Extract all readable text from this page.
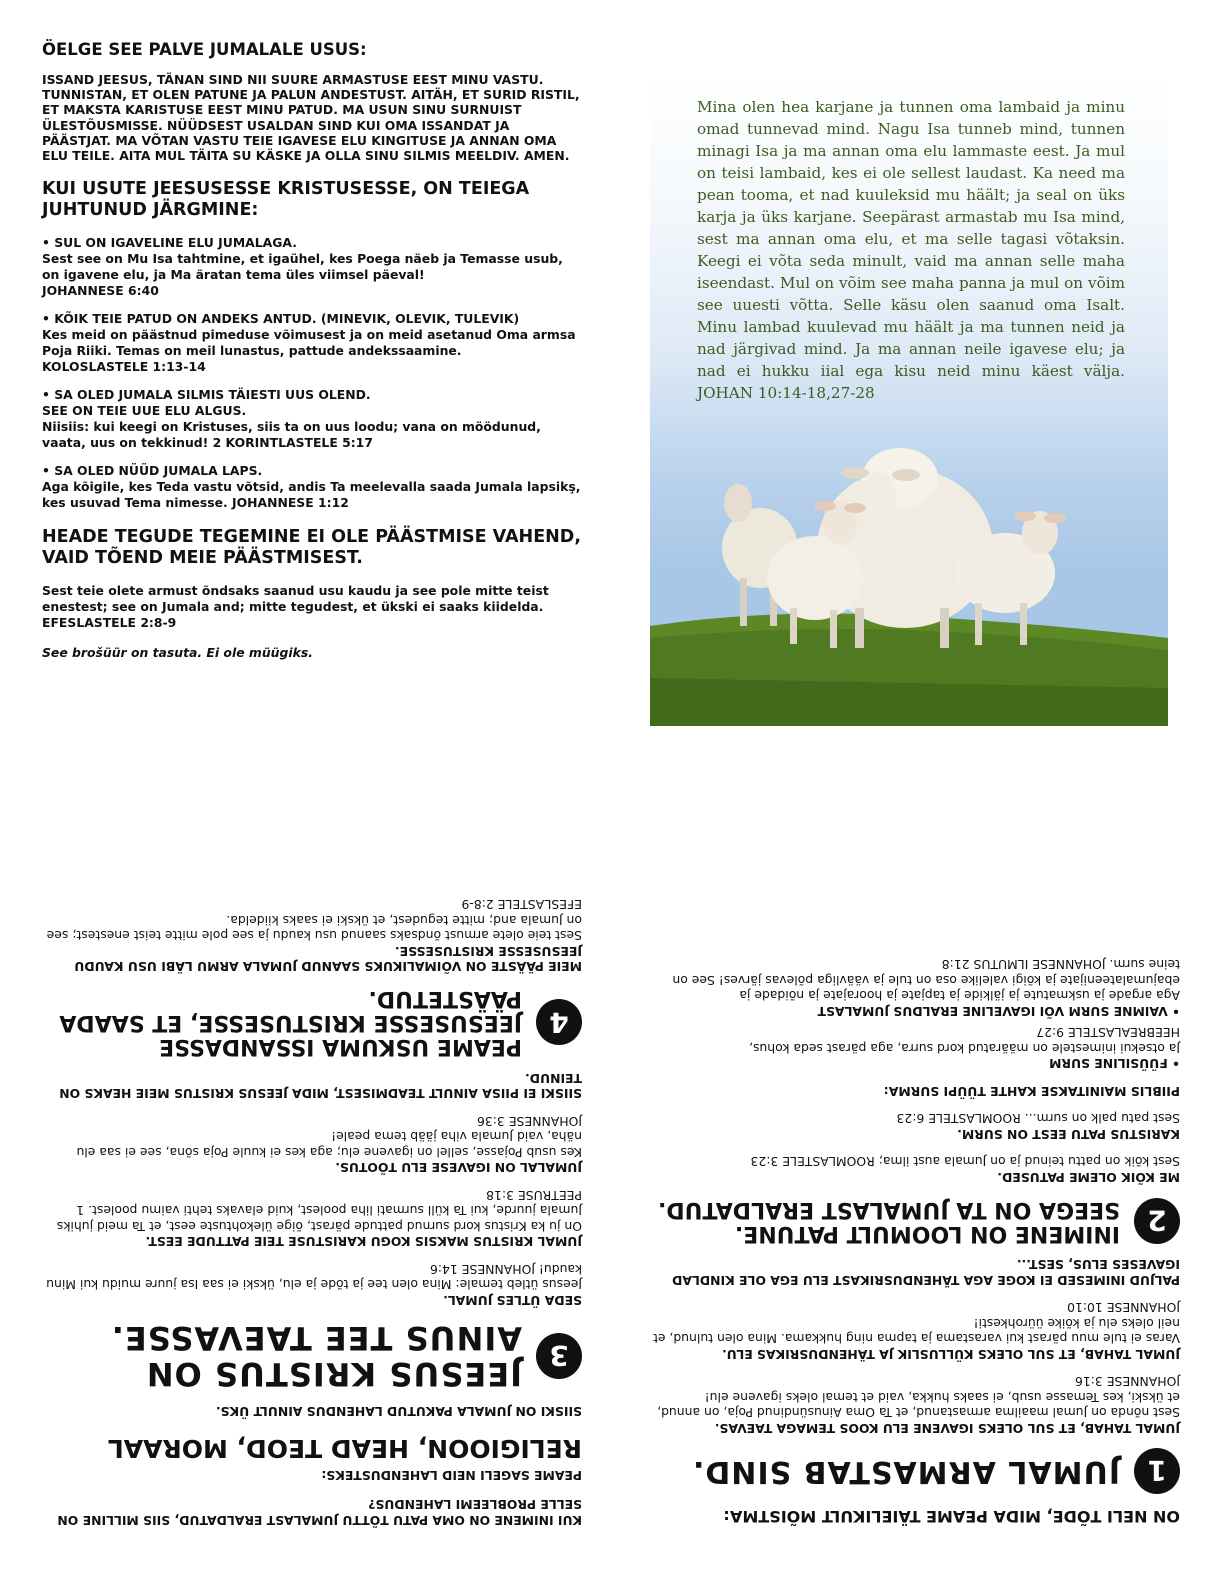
ÖELGE SEE PALVE JUMALALE USUS:
ISSAND JEESUS, TÄNAN SIND NII SUURE ARMASTUSE EEST MINU VASTU. TUNNISTAN, ET OLEN PATUNE JA PALUN ANDESTUST. AITÄH, ET SURID RISTIL, ET MAKSTA KARISTUSE EEST MINU PATUD. MA USUN SINU SURNUIST ÜLESTÕUSMISSE. NÜÜDSEST USALDAN SIND KUI OMA ISSANDAT JA PÄÄSTJAT. MA VÕTAN VASTU TEIE IGAVESE ELU KINGITUSE JA ANNAN OMA ELU TEILE. AITA MUL TÄITA SU KÄSKE JA OLLA SINU SILMIS MEELDIV. AMEN.
KUI USUTE JEESUSESSE KRISTUSESSE, ON TEIEGA JUHTUNUD JÄRGMINE:
• SUL ON IGAVELINE ELU JUMALAGA.
Sest see on Mu Isa tahtmine, et igaühel, kes Poega näeb ja Temasse usub, on igavene elu, ja Ma äratan tema üles viimsel päeval!
JOHANNESE 6:40
• KÕIK TEIE PATUD ON ANDEKS ANTUD. (MINEVIK, OLEVIK, TULEVIK)
Kes meid on päästnud pimeduse võimusest ja on meid asetanud Oma armsa Poja Riiki. Temas on meil lunastus, pattude andekssaamine.
KOLOSLASTELE 1:13-14
• SA OLED JUMALA SILMIS TÄIESTI UUS OLEND.
SEE ON TEIE UUE ELU ALGUS.
Niisiis: kui keegi on Kristuses, siis ta on uus loodu; vana on möödunud, vaata, uus on tekkinud! 2 KORINTLASTELE 5:17
• SA OLED NÜÜD JUMALA LAPS.
Aga kõigile, kes Teda vastu võtsid, andis Ta meelevalla saada Jumala lapsikş, kes usuvad Tema nimesse. JOHANNESE 1:12
HEADE TEGUDE TEGEMINE EI OLE PÄÄSTMISE VAHEND, VAID TÕEND MEIE PÄÄSTMISEST.
Sest teie olete armust õndsaks saanud usu kaudu ja see pole mitte teist enestest; see on Jumala and; mitte tegudest, et ükski ei saaks kiidelda.
EFESLASTELE 2:8-9
See brošüür on tasuta. Ei ole müügiks.
Mina olen hea karjane ja tunnen oma lambaid ja minu omad tunnevad mind. Nagu Isa tunneb mind, tunnen minagi Isa ja ma annan oma elu lammaste eest. Ja mul on teisi lambaid, kes ei ole sellest laudast. Ka need ma pean tooma, et nad kuuleksid mu häält; ja seal on üks karja ja üks karjane. Seepärast armastab mu Isa mind, sest ma annan oma elu, et ma selle tagasi võtaksin. Keegi ei võta seda minult, vaid ma annan selle maha iseendast. Mul on võim see maha panna ja mul on võim see uuesti võtta. Selle käsu olen saanud oma Isalt. Minu lambad kuulevad mu häält ja ma tunnen neid ja nad järgivad mind. Ja ma annan neile igavese elu; ja nad ei hukku iial ega kisu neid minu käest välja. JOHAN 10:14-18,27-28
ON NELI TÕDE, MIDA PEAME TÄIELIKULT MÕISTMA:
1
JUMAL ARMASTAB SIND.
JUMAL TAHAB, ET SUL OLEKS IGAVENE ELU KOOS TEMAGA TAEVAS.
Sest nõnda on Jumal maailma armastanud, et Ta Oma Ainusündinud Poja, on annud, et ükski, kes Temasse usub, ei saaks hukka, vaid et temal oleks igavene elu! JOHANNESE 3:16
JUMAL TAHAB, ET SUL OLEKS KÜLLUSLIK JA TÄHENDUSRIKAS ELU.
Varas ei tule muu pärast kui varastama ja tapma ning hukkama. Mina olen tulnud, et neil oleks elu ja kõike üürohkesti!
JOHANNESE 10:10
PALJUD INIMESED EI KOGE AGA TÄHENDUSRIKAST ELU EGA OLE KINDLAD IGAVESES ELUS, SEST...
2
INIMENE ON LOOMULT PATUNE.
SEEGA ON TA JUMALAST ERALDATUD.
ME KÕIK OLEME PATUSED.
Sest kõik on pattu teinud ja on Jumala aust ilma; ROOMLASTELE 3:23
KARISTUS PATU EEST ON SURM.
Sest patu palk on surm... ROOMLASTELE 6:23
PIIBLIS MAINITAKSE KAHTE TÜÜPI SURMA:
• FÜÜSILINE SURM
Ja otsekui inimestele on määratud kord surra, aga pärast seda kohus, HEEBREALASTELE 9:27
• VAIMNE SURM VÕI IGAVELINE ERALDUS JUMALAST
Aga argade ja uskmatute ja jälkide ja tapjate ja hoorajate ja nõidade ja ebajumalateenijate ja kõigi valelike osa on tule ja väävliga põlevas järves! See on teine surm. JOHANNESE ILMUTUS 21:8
KUI INIMENE ON OMA PATU TÕTTU JUMALAST ERALDATUD, SIIS MILLINE ON SELLE PROBLEEMI LAHENDUS?
PEAME SAGELI NEID LAHENDUSTEKS:
RELIGIOON, HEAD TEOD, MORAAL
SIISKI ON JUMALA PAKUTUD LAHENDUS AINULT ÜKS.
3
JEESUS KRISTUS ON
AINUS TEE TAEVASSE.
SEDA ÜTLES JUMAL.
Jeesus ütleb temale: Mina olen tee ja tõde ja elu, ükski ei saa Isa juure muidu kui Minu kaudu! JOHANNESE 14:6
JUMAL KRISTUS MAKSIS KOGU KARISTUSE TEIE PATTUDE EEST.
On ju ka Kristus kord surnud pattude pärast, õige ülekohtuste eest, et Ta meid juhiks Jumala juurde, kui Ta küll surmati liha poolest, kuid elavaks tehti vaimu poolest. 1 PEETRUSE 3:18
JUMALAL ON IGAVESE ELU TÕOTUS.
Kes usub Pojasse, sellel on igavene elu; aga kes ei kuule Poja sõna, see ei saa elu näha, vaid Jumala viha jääb tema peale!
JOHANNESE 3:36
SIISKI EI PIISA AINULT TEADMISEST, MIDA JEESUS KRISTUS MEIE HEAKS ON TEINUD.
4
PEAME USKUMA ISSANDASSE JEESUSESSE KRISTUSESSE, ET SAADA PÄÄSTETUD.
MEIE PÄÄSTE ON VÕIMALIKUKS SAANUD JUMALA ARMU LÄBI USU KAUDU JEESUSESSE KRISTUSESSE.
Sest teie olete armust õndsaks saanud usu kaudu ja see pole mitte teist enestest; see on Jumala and; mitte tegudest, et ükski ei saaks kiidelda.
EFESLASTELE 2:8-9
